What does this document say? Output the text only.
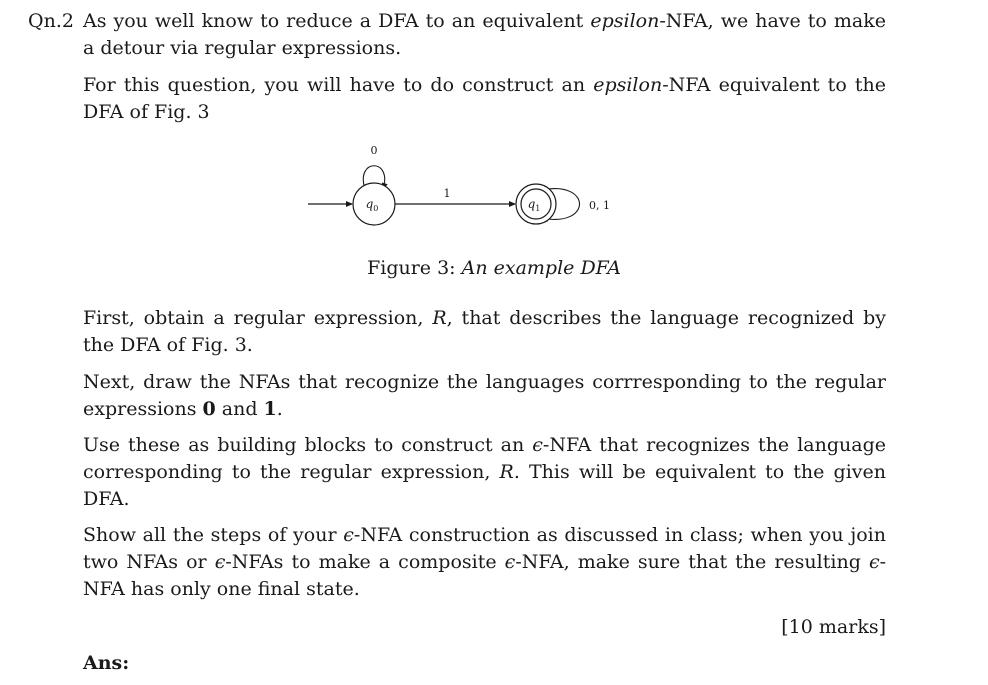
Qn.2 As you well know to reduce a DFA to an equivalent epsilon-NFA, we have to make a detour via regular expressions.

For this question, you will have to do construct an epsilon-NFA equivalent to the DFA of Fig. 3

0
$q_0$
1
0, 1
$q_1$
Figure 3: An example DFA

First, obtain a regular expression, R, that describes the language recognized by the DFA of Fig. 3.

Next, draw the NFAs that recognize the languages corrresponding to the regular expressions 0 and 1.

Use these as building blocks to construct an ϵ-NFA that recognizes the language corresponding to the regular expression, R. This will be equivalent to the given DFA.

Show all the steps of your ϵ-NFA construction as discussed in class; when you join two NFAs or ϵ-NFAs to make a composite ϵ-NFA, make sure that the resulting ϵ-NFA has only one final state.

[10 marks]
Ans:
